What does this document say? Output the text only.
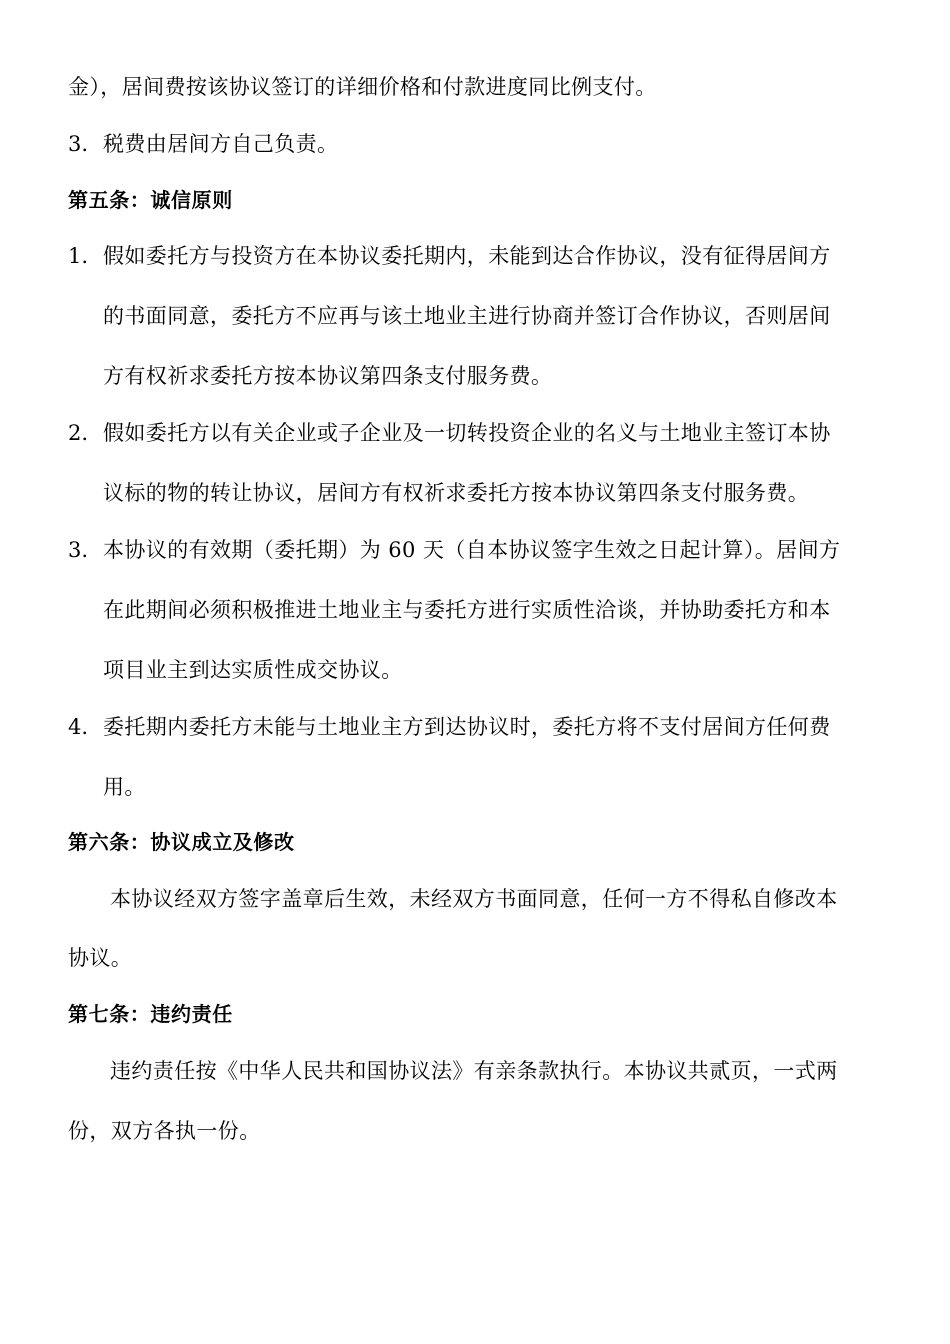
金），居间费按该协议签订的详细价格和付款进度同比例支付。
3. 税费由居间方自己负责。
第五条：诚信原则
1. 假如委托方与投资方在本协议委托期内，未能到达合作协议，没有征得居间方
的书面同意，委托方不应再与该土地业主进行协商并签订合作协议，否则居间
方有权祈求委托方按本协议第四条支付服务费。
2. 假如委托方以有关企业或子企业及一切转投资企业的名义与土地业主签订本协
议标的物的转让协议，居间方有权祈求委托方按本协议第四条支付服务费。
3. 本协议的有效期（委托期）为 60 天（自本协议签字生效之日起计算）。居间方
在此期间必须积极推进土地业主与委托方进行实质性洽谈，并协助委托方和本
项目业主到达实质性成交协议。
4. 委托期内委托方未能与土地业主方到达协议时，委托方将不支付居间方任何费
用。
第六条：协议成立及修改
本协议经双方签字盖章后生效，未经双方书面同意，任何一方不得私自修改本
协议。
第七条：违约责任
违约责任按《中华人民共和国协议法》有亲条款执行。本协议共贰页，一式两
份，双方各执一份。
